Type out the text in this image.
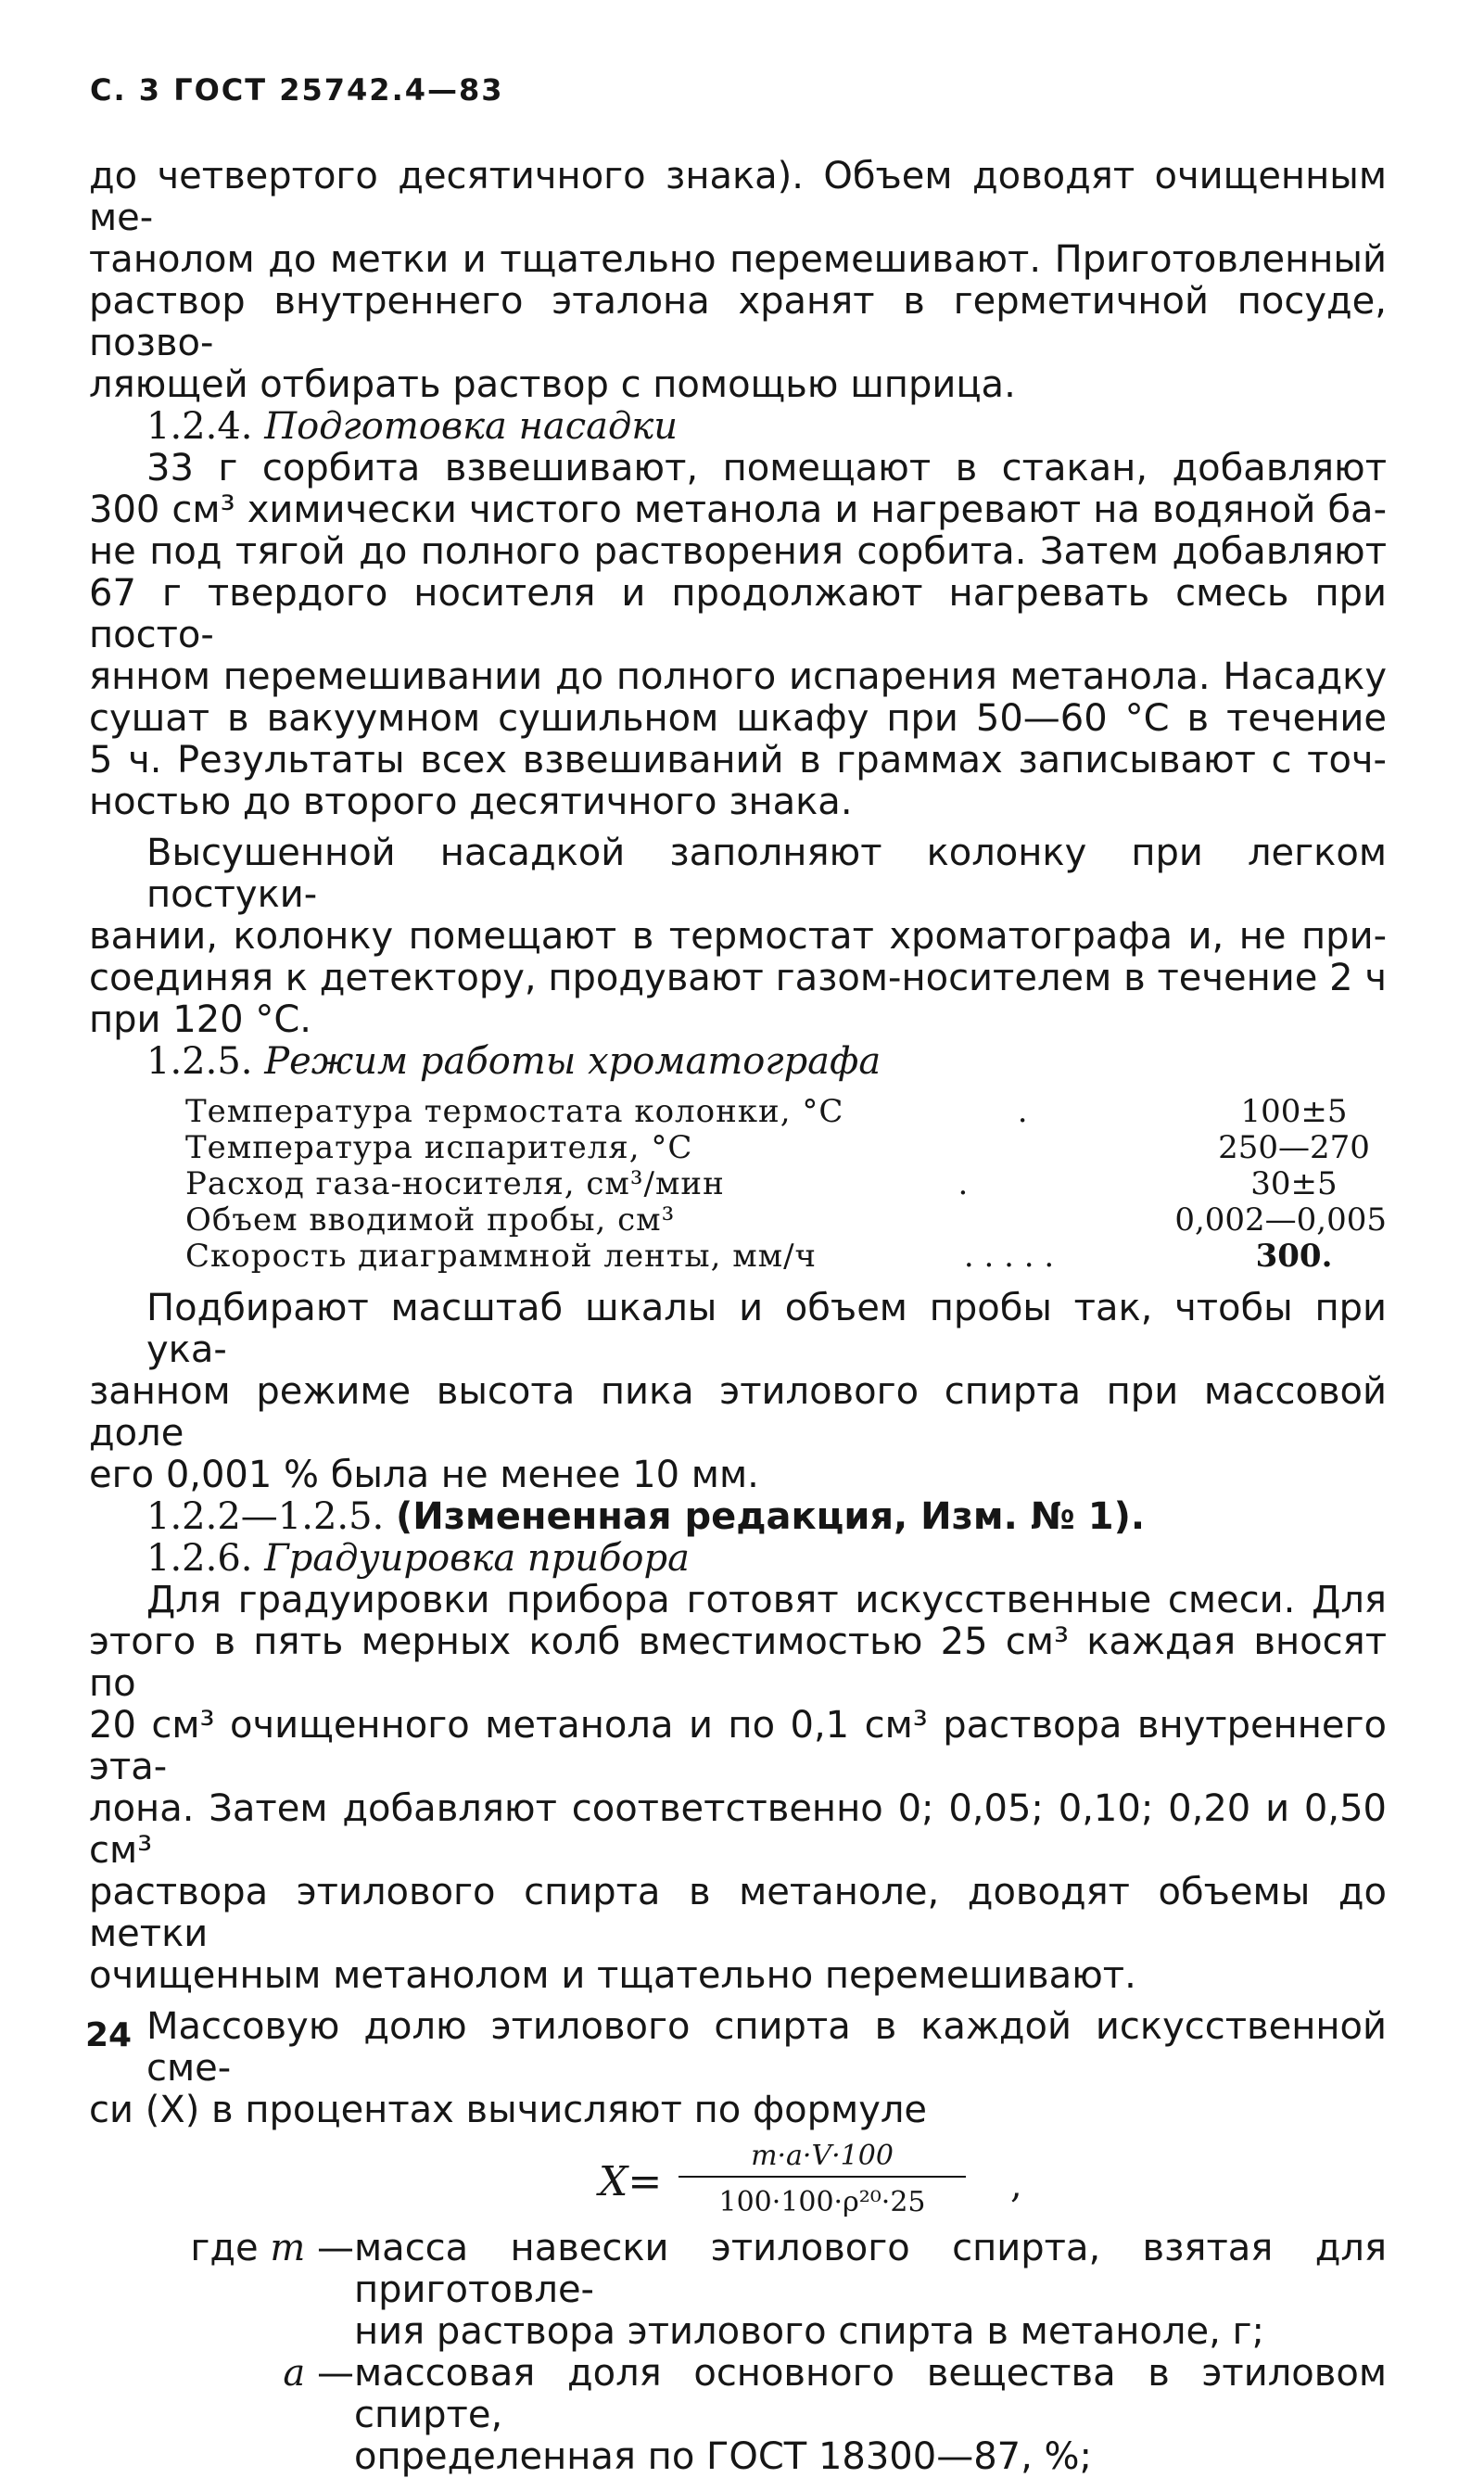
С. 3 ГОСТ 25742.4—83
до четвертого десятичного знака). Объем доводят очищенным ме-
танолом до метки и тщательно перемешивают. Приготовленный
раствор внутреннего эталона хранят в герметичной посуде, позво-
ляющей отбирать раствор с помощью шприца.
1.2.4. Подготовка насадки
33 г сорбита взвешивают, помещают в стакан, добавляют
300 см³ химически чистого метанола и нагревают на водяной ба-
не под тягой до полного растворения сорбита. Затем добавляют
67 г твердого носителя и продолжают нагревать смесь при посто-
янном перемешивании до полного испарения метанола. Насадку
сушат в вакуумном сушильном шкафу при 50—60 °С в течение
5 ч. Результаты всех взвешиваний в граммах записывают с точ-
ностью до второго десятичного знака.
Высушенной насадкой заполняют колонку при легком постуки-
вании, колонку помещают в термостат хроматографа и, не при-
соединяя к детектору, продувают газом-носителем в течение 2 ч
при 120 °С.
1.2.5. Режим работы хроматографа
Температура термостата колонки, °С	.	100±5
Температура испарителя, °С	250—270
Расход газа-носителя, см³/мин	.	30±5
Объем вводимой пробы, см³	0,002—0,005
Скорость диаграммной ленты, мм/ч	. . . . .	300.
Подбирают масштаб шкалы и объем пробы так, чтобы при ука-
занном режиме высота пика этилового спирта при массовой доле
его 0,001 % была не менее 10 мм.
1.2.2—1.2.5. (Измененная редакция, Изм. № 1).
1.2.6. Градуировка прибора
Для градуировки прибора готовят искусственные смеси. Для
этого в пять мерных колб вместимостью 25 см³ каждая вносят по
20 см³ очищенного метанола и по 0,1 см³ раствора внутреннего эта-
лона. Затем добавляют соответственно 0; 0,05; 0,10; 0,20 и 0,50 см³
раствора этилового спирта в метаноле, доводят объемы до метки
очищенным метанолом и тщательно перемешивают.
Массовую долю этилового спирта в каждой искусственной сме-
си (X) в процентах вычисляют по формуле
X=
m·a·V·100
100·100·ρ²⁰·25	,
где m — масса навески этилового спирта, взятая для приготовле-
ния раствора этилового спирта в метаноле, г;
a — массовая доля основного вещества в этиловом спирте,
определенная по ГОСТ 18300—87, %;
24
